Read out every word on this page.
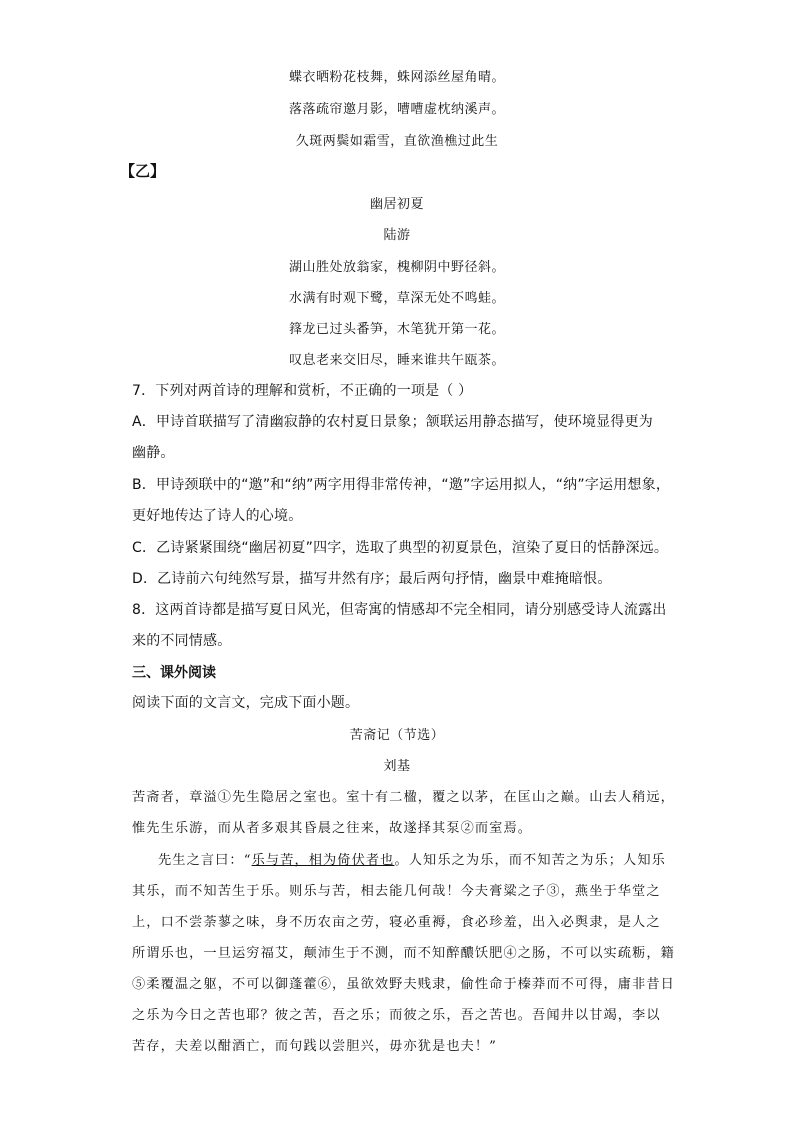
蝶衣晒粉花枝舞，蛛网添丝屋角晴。
落落疏帘邀月影，嘈嘈虚枕纳溪声。
久斑两鬓如霜雪，直欲渔樵过此生
【乙】
幽居初夏
陆游
湖山胜处放翁家，槐柳阴中野径斜。
水满有时观下鹭，草深无处不鸣蛙。
箨龙已过头番笋，木笔犹开第一花。
叹息老来交旧尽，睡来谁共午瓯茶。
7．下列对两首诗的理解和赏析，不正确的一项是（ ）
A．甲诗首联描写了清幽寂静的农村夏日景象；颔联运用静态描写，使环境显得更为
幽静。
B．甲诗颈联中的“邀”和“纳”两字用得非常传神，“邀”字运用拟人，“纳”字运用想象，
更好地传达了诗人的心境。
C．乙诗紧紧围绕“幽居初夏”四字，选取了典型的初夏景色，渲染了夏日的恬静深远。
D．乙诗前六句纯然写景，描写井然有序；最后两句抒情，幽景中难掩暗恨。
8．这两首诗都是描写夏日风光，但寄寓的情感却不完全相同，请分别感受诗人流露出
来的不同情感。
三、课外阅读
阅读下面的文言文，完成下面小题。
苦斋记（节选）
刘基
苦斋者，章溢①先生隐居之室也。室十有二楹，覆之以茅，在匡山之巅。山去人稍远，
惟先生乐游，而从者多艰其昏晨之往来，故遂择其泵②而室焉。
先生之言曰：“乐与苦，相为倚伏者也。人知乐之为乐，而不知苦之为乐；人知乐
其乐，而不知苦生于乐。则乐与苦，相去能几何哉！今夫膏粱之子③，燕坐于华堂之
上，口不尝荼蓼之味，身不历农亩之劳，寝必重褥，食必珍羞，出入必舆隶，是人之
所谓乐也，一旦运穷福艾，颠沛生于不测，而不知醉醲饫肥④之肠，不可以实疏粝，籍
⑤柔覆温之躯，不可以御蓬藿⑥，虽欲效野夫贱隶，偷性命于榛莽而不可得，庸非昔日
之乐为今日之苦也耶？彼之苦，吾之乐；而彼之乐，吾之苦也。吾闻井以甘竭，李以
苦存，夫差以酣酒亡，而句践以尝胆兴，毋亦犹是也夫！”
